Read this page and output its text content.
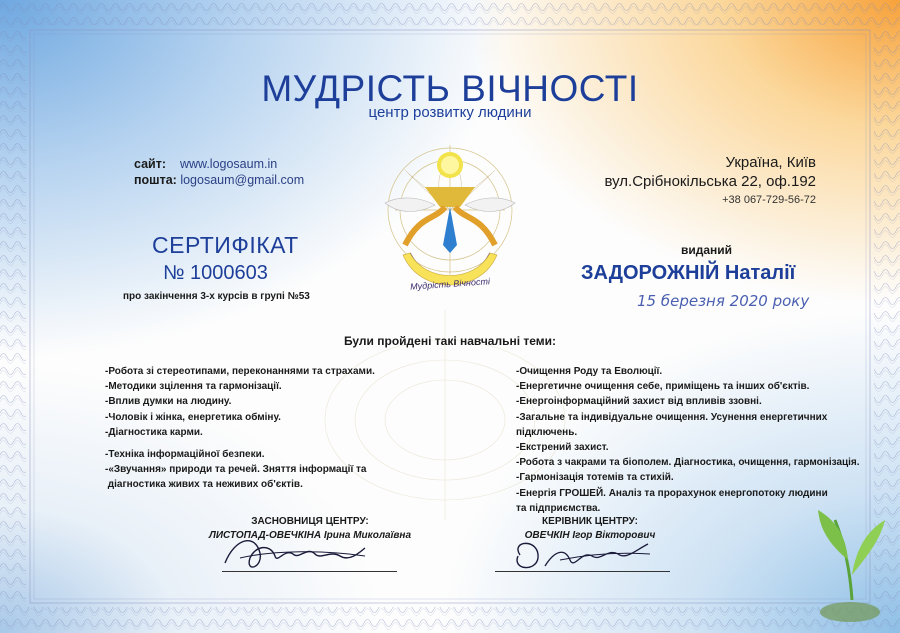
Мудрість Вічності
МУДРІСТЬ ВІЧНОСТІ
центр розвитку людини
сайт: www.logosaum.in
пошта: logosaum@gmail.com
Україна, Київ
вул.Срібнокільська 22, оф.192
+38 067-729-56-72
СЕРТИФІКАТ
№ 1000603
про закінчення 3-х курсів в групі №53
виданий
ЗАДОРОЖНІЙ Наталії
15 березня 2020 року
Були пройдені такі навчальні теми:
-Робота зі стереотипами, переконаннями та страхами.
-Методики зцілення та гармонізації.
-Вплив думки на людину.
-Чоловік і жінка, енергетика обміну.
-Діагностика карми.
-Техніка інформаційної безпеки.
-«Звучання» природи та речей. Зняття інформації та
діагностика живих та неживих об'єктів.
-Очищення Роду та Еволюції.
-Енергетичне очищення себе, приміщень та інших об'єктів.
-Енергоінформаційний захист від впливів ззовні.
-Загальне та індивідуальне очищення. Усунення енергетичних
підключень.
-Екстрений захист.
-Робота з чакрами та біополем. Діагностика, очищення, гармонізація.
-Гармонізація тотемів та стихій.
-Енергія ГРОШЕЙ. Аналіз та прорахунок енергопотоку людини
та підприємства.
ЗАСНОВНИЦЯ ЦЕНТРУ:
ЛИСТОПАД-ОВЕЧКІНА Ірина Миколаївна
КЕРІВНИК ЦЕНТРУ:
ОВЕЧКІН Ігор Вікторович
